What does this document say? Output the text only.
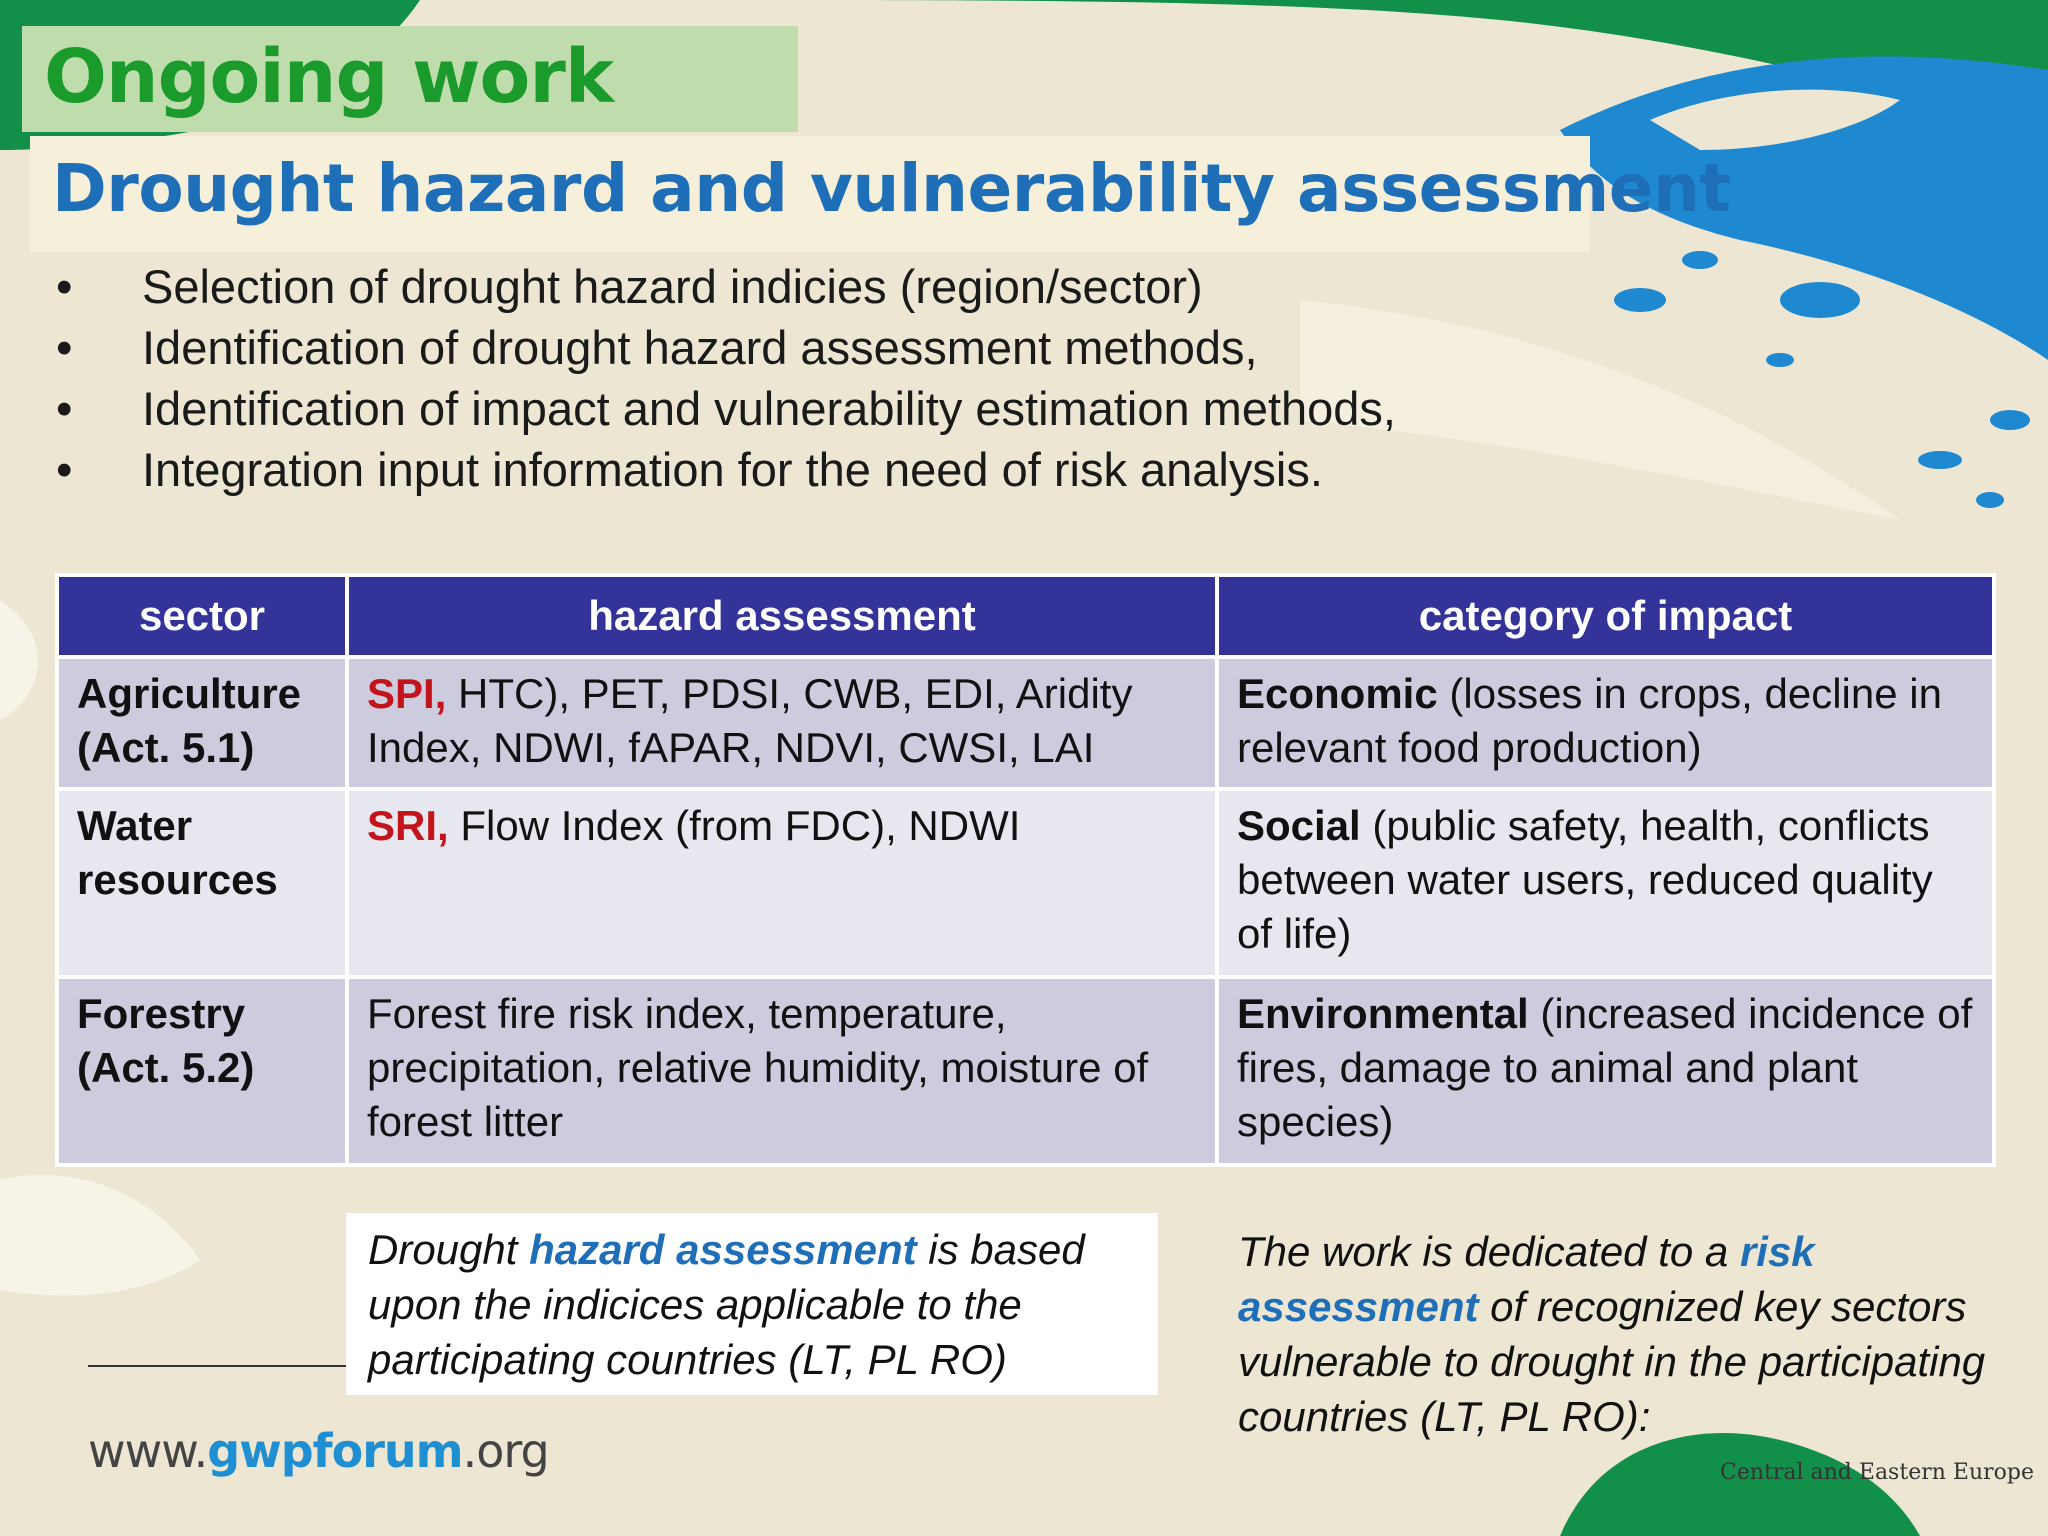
Ongoing work
Drought hazard and vulnerability assessment
• Selection of drought hazard indicies (region/sector)
• Identification of drought hazard assessment methods,
• Identification of impact and vulnerability estimation methods,
• Integration input information for the need of risk analysis.
sector	hazard assessment	category of impact
Agriculture (Act. 5.1)	SPI, HTC), PET, PDSI, CWB, EDI, Aridity Index, NDWI, fAPAR, NDVI, CWSI, LAI	Economic (losses in crops, decline in relevant food production)
Water resources	SRI, Flow Index (from FDC), NDWI	Social (public safety, health, conflicts between water users, reduced quality of life)
Forestry (Act. 5.2)	Forest fire risk index, temperature, precipitation, relative humidity, moisture of forest litter	Environmental (increased incidence of fires, damage to animal and plant species)

Drought hazard assessment is based upon the indicices applicable to the participating countries (LT, PL RO)

The work is dedicated to a risk assessment of recognized key sectors vulnerable to drought in the participating countries (LT, PL RO):

www.gwpforum.org	Central and Eastern Europe
